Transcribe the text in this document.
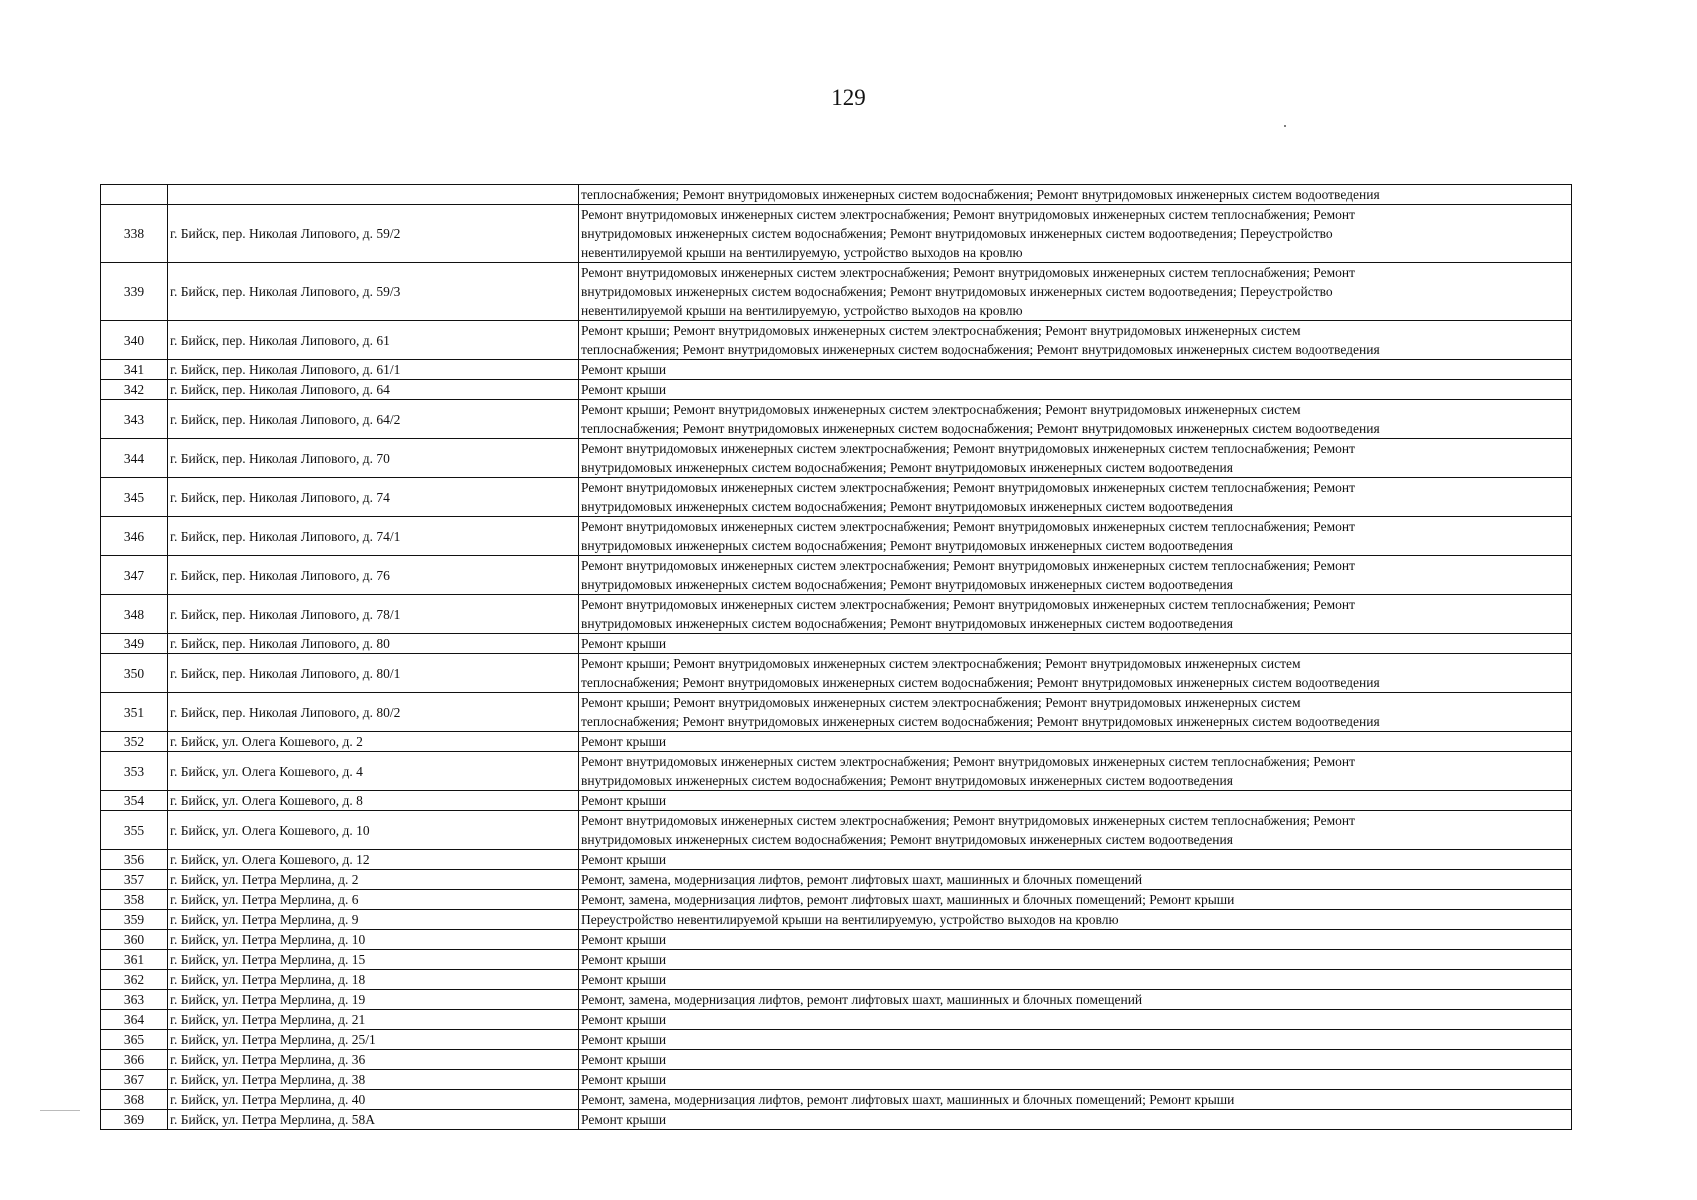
129

		теплоснабжения; Ремонт внутридомовых инженерных систем водоснабжения; Ремонт внутридомовых инженерных систем водоотведения

338	г. Бийск, пер. Николая Липового, д. 59/2	Ремонт внутридомовых инженерных систем электроснабжения; Ремонт внутридомовых инженерных систем теплоснабжения; Ремонт
внутридомовых инженерных систем водоснабжения; Ремонт внутридомовых инженерных систем водоотведения; Переустройство
невентилируемой крыши на вентилируемую, устройство выходов на кровлю

339	г. Бийск, пер. Николая Липового, д. 59/3	Ремонт внутридомовых инженерных систем электроснабжения; Ремонт внутридомовых инженерных систем теплоснабжения; Ремонт
внутридомовых инженерных систем водоснабжения; Ремонт внутридомовых инженерных систем водоотведения; Переустройство
невентилируемой крыши на вентилируемую, устройство выходов на кровлю

340	г. Бийск, пер. Николая Липового, д. 61	Ремонт крыши; Ремонт внутридомовых инженерных систем электроснабжения; Ремонт внутридомовых инженерных систем
теплоснабжения; Ремонт внутридомовых инженерных систем водоснабжения; Ремонт внутридомовых инженерных систем водоотведения

341	г. Бийск, пер. Николая Липового, д. 61/1	Ремонт крыши

342	г. Бийск, пер. Николая Липового, д. 64	Ремонт крыши

343	г. Бийск, пер. Николая Липового, д. 64/2	Ремонт крыши; Ремонт внутридомовых инженерных систем электроснабжения; Ремонт внутридомовых инженерных систем
теплоснабжения; Ремонт внутридомовых инженерных систем водоснабжения; Ремонт внутридомовых инженерных систем водоотведения

344	г. Бийск, пер. Николая Липового, д. 70	Ремонт внутридомовых инженерных систем электроснабжения; Ремонт внутридомовых инженерных систем теплоснабжения; Ремонт
внутридомовых инженерных систем водоснабжения; Ремонт внутридомовых инженерных систем водоотведения

345	г. Бийск, пер. Николая Липового, д. 74	Ремонт внутридомовых инженерных систем электроснабжения; Ремонт внутридомовых инженерных систем теплоснабжения; Ремонт
внутридомовых инженерных систем водоснабжения; Ремонт внутридомовых инженерных систем водоотведения

346	г. Бийск, пер. Николая Липового, д. 74/1	Ремонт внутридомовых инженерных систем электроснабжения; Ремонт внутридомовых инженерных систем теплоснабжения; Ремонт
внутридомовых инженерных систем водоснабжения; Ремонт внутридомовых инженерных систем водоотведения

347	г. Бийск, пер. Николая Липового, д. 76	Ремонт внутридомовых инженерных систем электроснабжения; Ремонт внутридомовых инженерных систем теплоснабжения; Ремонт
внутридомовых инженерных систем водоснабжения; Ремонт внутридомовых инженерных систем водоотведения

348	г. Бийск, пер. Николая Липового, д. 78/1	Ремонт внутридомовых инженерных систем электроснабжения; Ремонт внутридомовых инженерных систем теплоснабжения; Ремонт
внутридомовых инженерных систем водоснабжения; Ремонт внутридомовых инженерных систем водоотведения

349	г. Бийск, пер. Николая Липового, д. 80	Ремонт крыши

350	г. Бийск, пер. Николая Липового, д. 80/1	Ремонт крыши; Ремонт внутридомовых инженерных систем электроснабжения; Ремонт внутридомовых инженерных систем
теплоснабжения; Ремонт внутридомовых инженерных систем водоснабжения; Ремонт внутридомовых инженерных систем водоотведения

351	г. Бийск, пер. Николая Липового, д. 80/2	Ремонт крыши; Ремонт внутридомовых инженерных систем электроснабжения; Ремонт внутридомовых инженерных систем
теплоснабжения; Ремонт внутридомовых инженерных систем водоснабжения; Ремонт внутридомовых инженерных систем водоотведения

352	г. Бийск, ул. Олега Кошевого, д. 2	Ремонт крыши

353	г. Бийск, ул. Олега Кошевого, д. 4	Ремонт внутридомовых инженерных систем электроснабжения; Ремонт внутридомовых инженерных систем теплоснабжения; Ремонт
внутридомовых инженерных систем водоснабжения; Ремонт внутридомовых инженерных систем водоотведения

354	г. Бийск, ул. Олега Кошевого, д. 8	Ремонт крыши

355	г. Бийск, ул. Олега Кошевого, д. 10	Ремонт внутридомовых инженерных систем электроснабжения; Ремонт внутридомовых инженерных систем теплоснабжения; Ремонт
внутридомовых инженерных систем водоснабжения; Ремонт внутридомовых инженерных систем водоотведения

356	г. Бийск, ул. Олега Кошевого, д. 12	Ремонт крыши

357	г. Бийск, ул. Петра Мерлина, д. 2	Ремонт, замена, модернизация лифтов, ремонт лифтовых шахт, машинных и блочных помещений

358	г. Бийск, ул. Петра Мерлина, д. 6	Ремонт, замена, модернизация лифтов, ремонт лифтовых шахт, машинных и блочных помещений; Ремонт крыши

359	г. Бийск, ул. Петра Мерлина, д. 9	Переустройство невентилируемой крыши на вентилируемую, устройство выходов на кровлю

360	г. Бийск, ул. Петра Мерлина, д. 10	Ремонт крыши

361	г. Бийск, ул. Петра Мерлина, д. 15	Ремонт крыши

362	г. Бийск, ул. Петра Мерлина, д. 18	Ремонт крыши

363	г. Бийск, ул. Петра Мерлина, д. 19	Ремонт, замена, модернизация лифтов, ремонт лифтовых шахт, машинных и блочных помещений

364	г. Бийск, ул. Петра Мерлина, д. 21	Ремонт крыши

365	г. Бийск, ул. Петра Мерлина, д. 25/1	Ремонт крыши

366	г. Бийск, ул. Петра Мерлина, д. 36	Ремонт крыши

367	г. Бийск, ул. Петра Мерлина, д. 38	Ремонт крыши

368	г. Бийск, ул. Петра Мерлина, д. 40	Ремонт, замена, модернизация лифтов, ремонт лифтовых шахт, машинных и блочных помещений; Ремонт крыши

369	г. Бийск, ул. Петра Мерлина, д. 58А	Ремонт крыши
